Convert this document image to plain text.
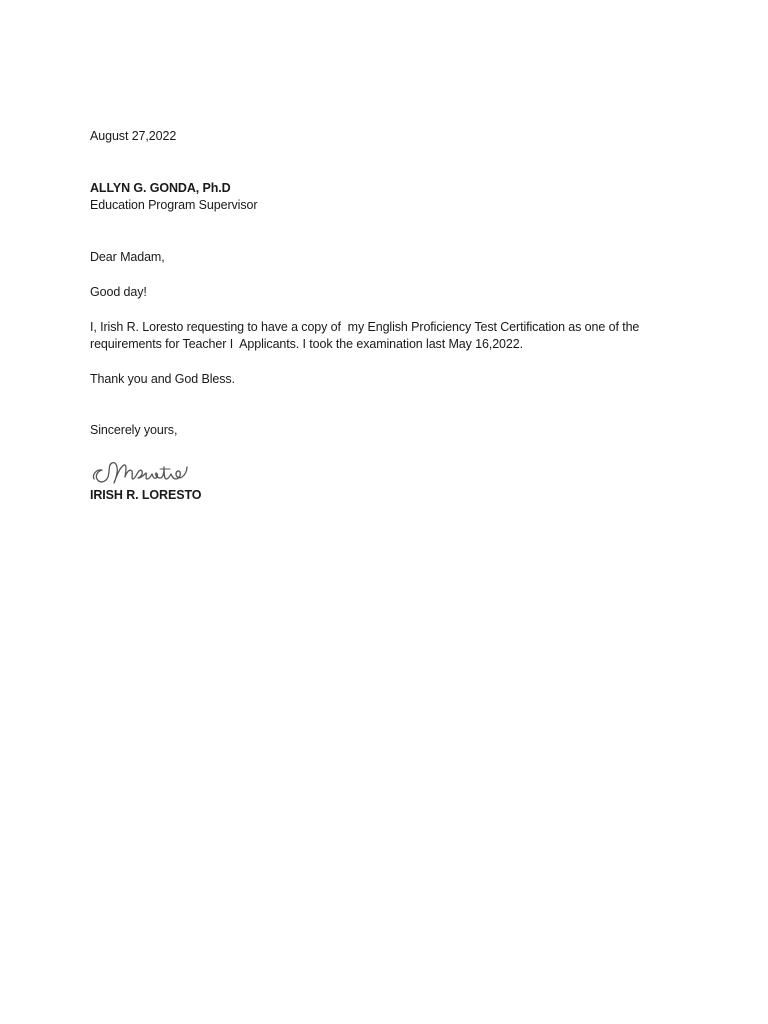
August 27,2022
ALLYN G. GONDA, Ph.D
Education Program Supervisor
Dear Madam,
Good day!
I, Irish R. Loresto requesting to have a copy of  my English Proficiency Test Certification as one of the
requirements for Teacher I  Applicants. I took the examination last May 16,2022.
Thank you and God Bless.
Sincerely yours,
IRISH R. LORESTO
